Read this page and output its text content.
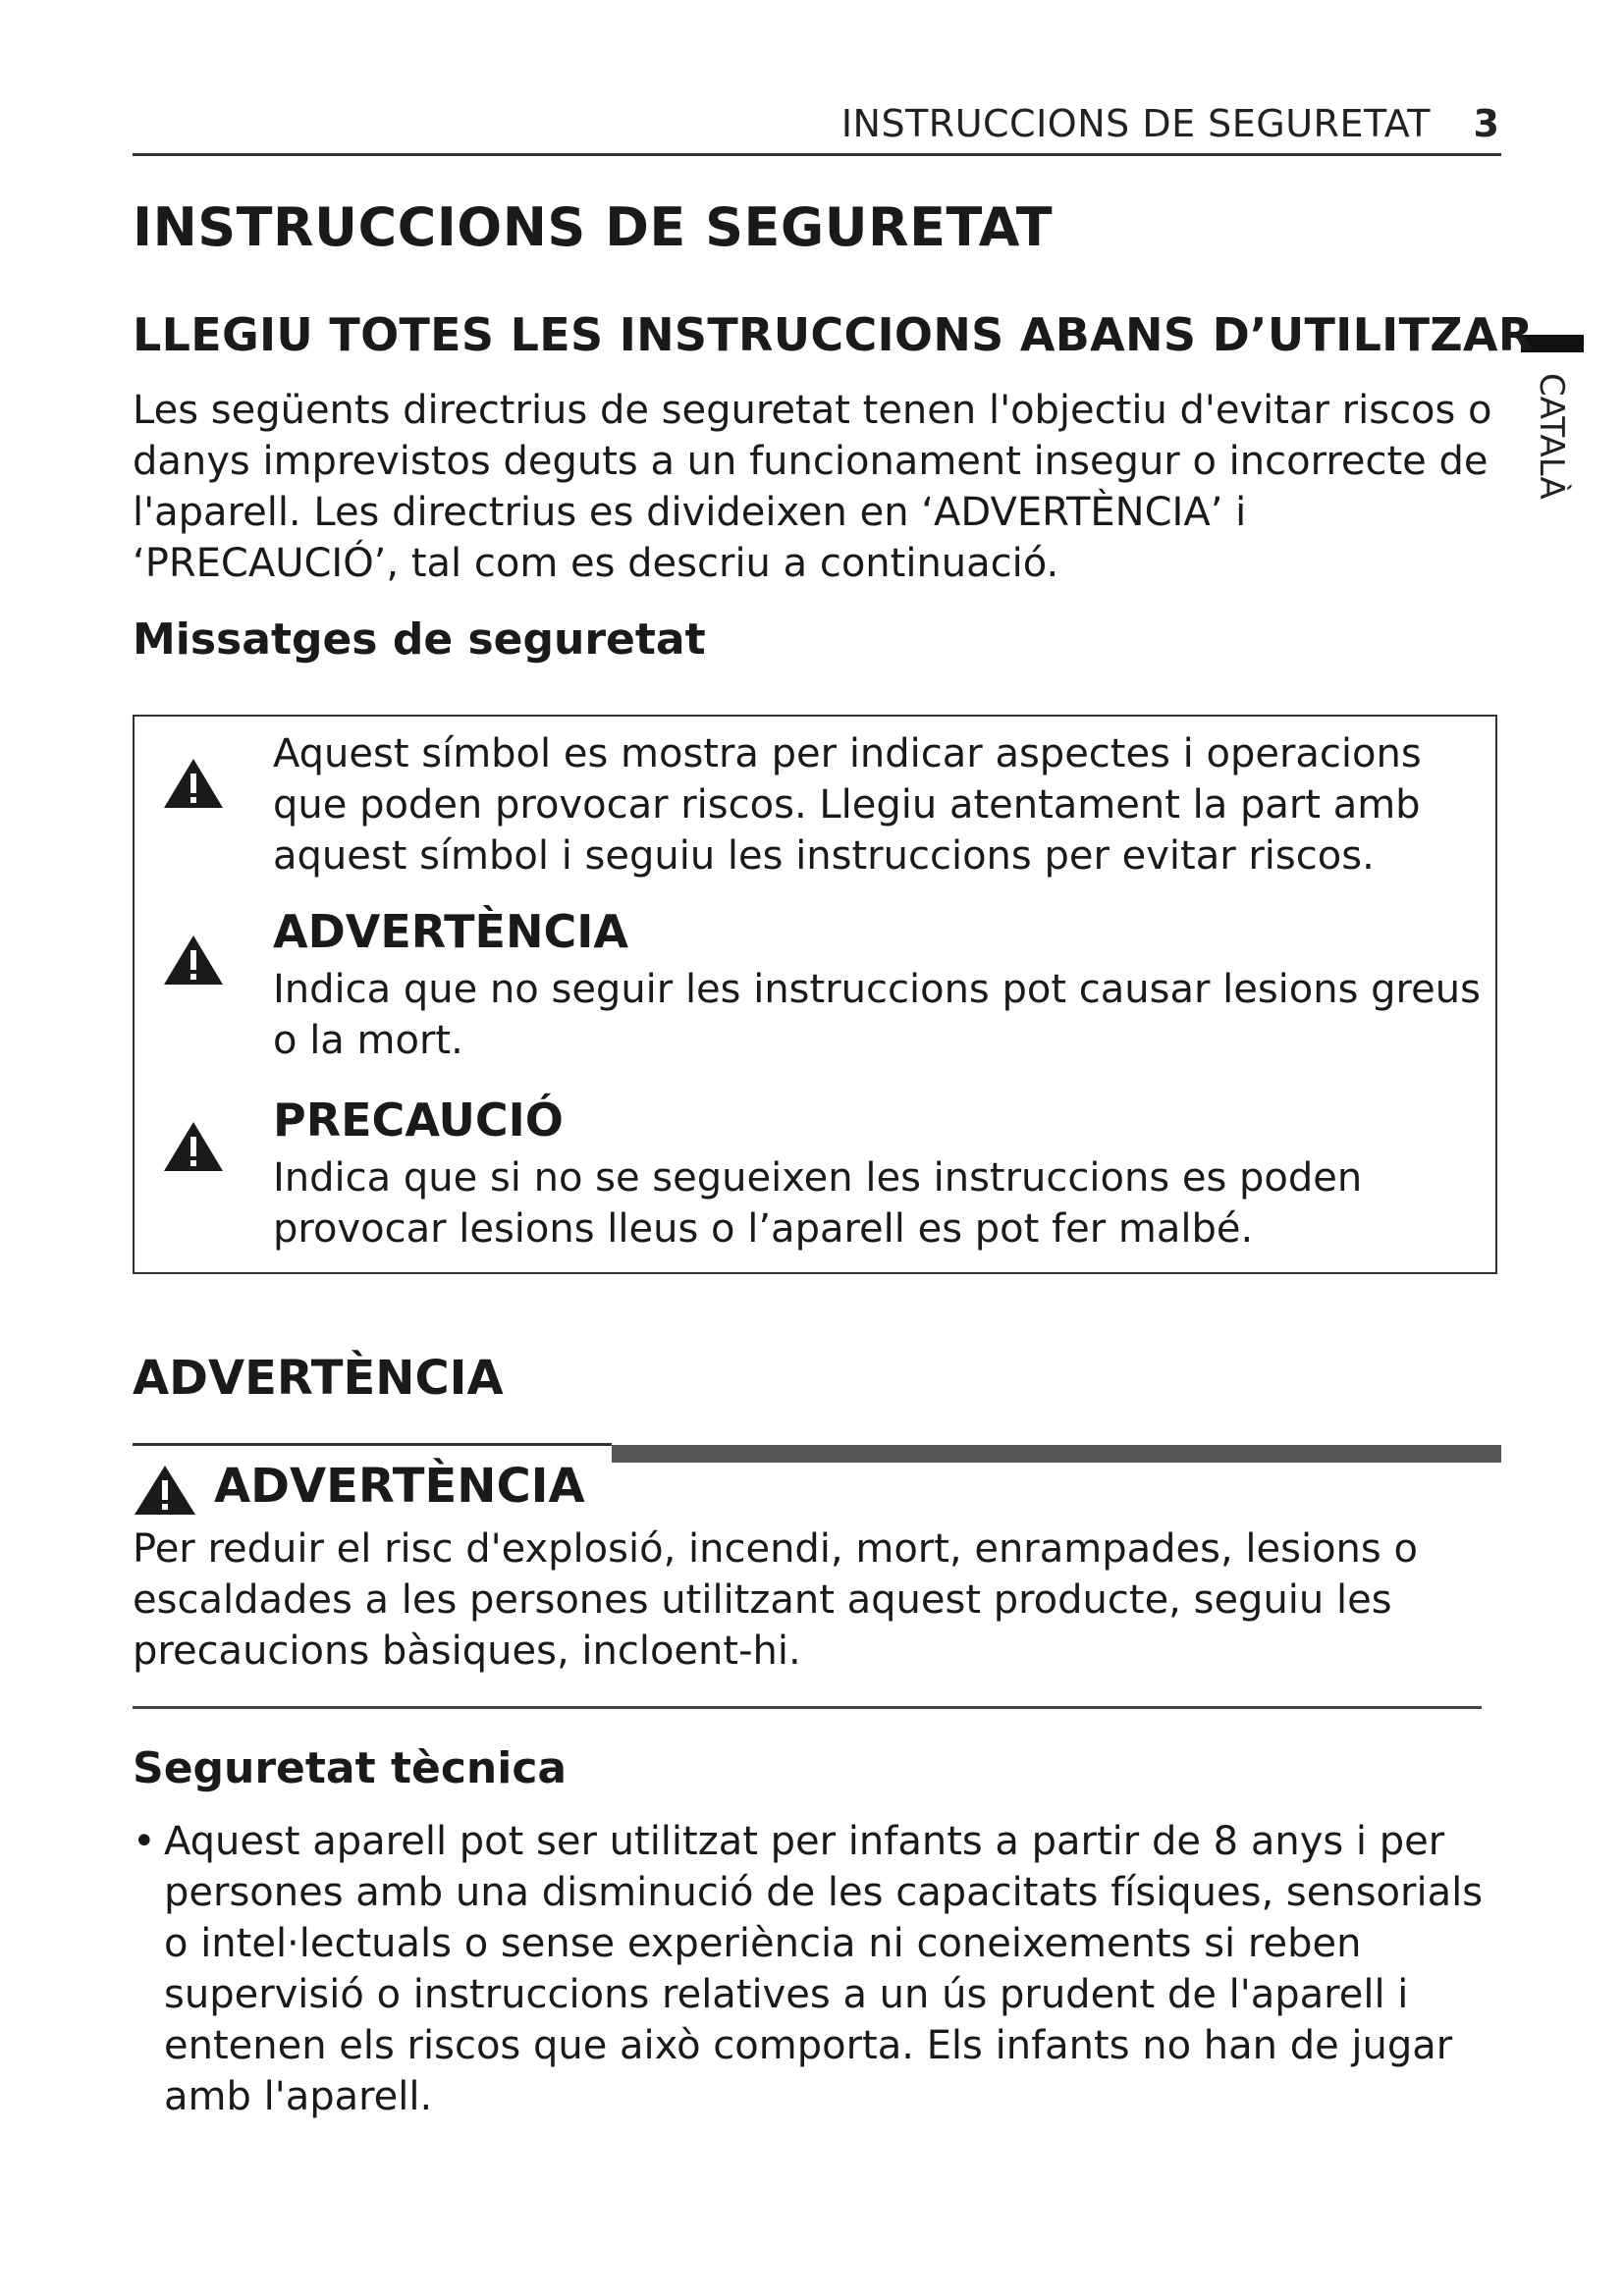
INSTRUCCIONS DE SEGURETAT 3
CATALÀ
INSTRUCCIONS DE SEGURETAT
LLEGIU TOTES LES INSTRUCCIONS ABANS D’UTILITZAR

Les següents directrius de seguretat tenen l'objectiu d'evitar riscos o danys imprevistos deguts a un funcionament insegur o incorrecte de l'aparell. Les directrius es divideixen en ‘ADVERTÈNCIA’ i ‘PRECAUCIÓ’, tal com es descriu a continuació.

Missatges de seguretat

Aquest símbol es mostra per indicar aspectes i operacions que poden provocar riscos. Llegiu atentament la part amb aquest símbol i seguiu les instruccions per evitar riscos.

ADVERTÈNCIA

Indica que no seguir les instruccions pot causar lesions greus o la mort.

PRECAUCIÓ

Indica que si no se segueixen les instruccions es poden provocar lesions lleus o l’aparell es pot fer malbé.

ADVERTÈNCIA

ADVERTÈNCIA

Per reduir el risc d'explosió, incendi, mort, enrampades, lesions o escaldades a les persones utilitzant aquest producte, seguiu les precaucions bàsiques, incloent-hi.

Seguretat tècnica
• Aquest aparell pot ser utilitzat per infants a partir de 8 anys i per persones amb una disminució de les capacitats físiques, sensorials o intel·lectuals o sense experiència ni coneixements si reben supervisió o instruccions relatives a un ús prudent de l'aparell i entenen els riscos que això comporta. Els infants no han de jugar amb l'aparell.
